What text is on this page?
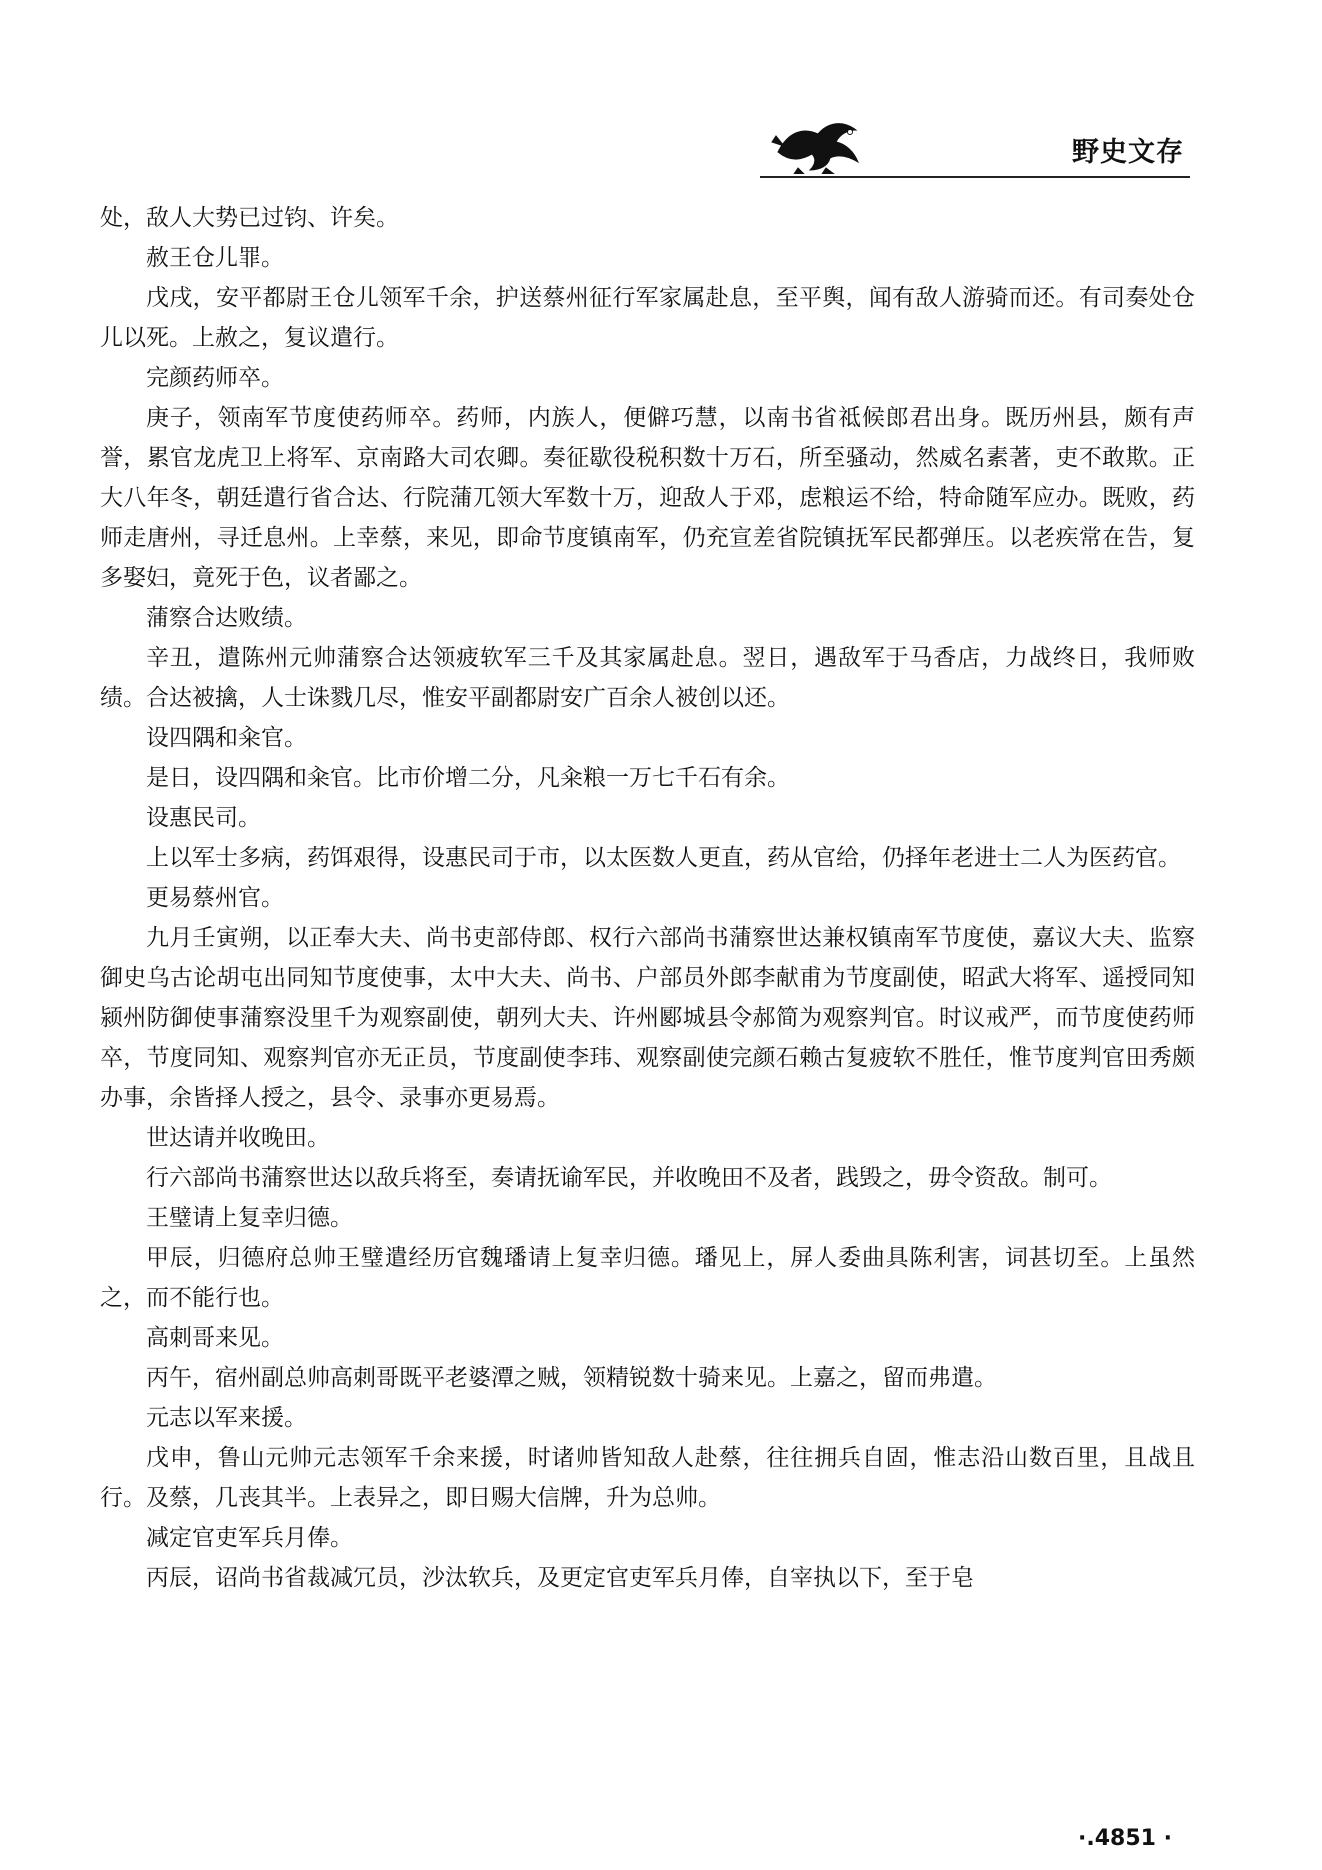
野史文存

处，敌人大势已过钧、许矣。

赦王仓儿罪。

戊戌，安平都尉王仓儿领军千余，护送蔡州征行军家属赴息，至平舆，闻有敌人游骑而还。有司奏处仓儿以死。上赦之，复议遣行。

完颜药师卒。

庚子，领南军节度使药师卒。药师，内族人，便僻巧慧，以南书省祗候郎君出身。既历州县，颇有声誉，累官龙虎卫上将军、京南路大司农卿。奏征歇役税积数十万石，所至骚动，然威名素著，吏不敢欺。正大八年冬，朝廷遣行省合达、行院蒲兀领大军数十万，迎敌人于邓，虑粮运不给，特命随军应办。既败，药师走唐州，寻迁息州。上幸蔡，来见，即命节度镇南军，仍充宣差省院镇抚军民都弹压。以老疾常在告，复多娶妇，竟死于色，议者鄙之。

蒲察合达败绩。

辛丑，遣陈州元帅蒲察合达领疲软军三千及其家属赴息。翌日，遇敌军于马香店，力战终日，我师败绩。合达被擒，人士诛戮几尽，惟安平副都尉安广百余人被创以还。

设四隅和籴官。

是日，设四隅和籴官。比市价增二分，凡籴粮一万七千石有余。

设惠民司。

上以军士多病，药饵艰得，设惠民司于市，以太医数人更直，药从官给，仍择年老进士二人为医药官。

更易蔡州官。

九月壬寅朔，以正奉大夫、尚书吏部侍郎、权行六部尚书蒲察世达兼权镇南军节度使，嘉议大夫、监察御史乌古论胡屯出同知节度使事，太中大夫、尚书、户部员外郎李献甫为节度副使，昭武大将军、遥授同知颍州防御使事蒲察没里千为观察副使，朝列大夫、许州郾城县令郝简为观察判官。时议戒严，而节度使药师卒，节度同知、观察判官亦无正员，节度副使李玮、观察副使完颜石赖古复疲软不胜任，惟节度判官田秀颇办事，余皆择人授之，县令、录事亦更易焉。

世达请并收晚田。

行六部尚书蒲察世达以敌兵将至，奏请抚谕军民，并收晚田不及者，践毁之，毋令资敌。制可。

王璧请上复幸归德。

甲辰，归德府总帅王璧遣经历官魏璠请上复幸归德。璠见上，屏人委曲具陈利害，词甚切至。上虽然之，而不能行也。

高刺哥来见。

丙午，宿州副总帅高刺哥既平老婆潭之贼，领精锐数十骑来见。上嘉之，留而弗遣。

元志以军来援。

戊申，鲁山元帅元志领军千余来援，时诸帅皆知敌人赴蔡，往往拥兵自固，惟志沿山数百里，且战且行。及蔡，几丧其半。上表异之，即日赐大信牌，升为总帅。

减定官吏军兵月俸。

丙辰，诏尚书省裁减冗员，沙汰软兵，及更定官吏军兵月俸，自宰执以下，至于皂

·.4851 ·
